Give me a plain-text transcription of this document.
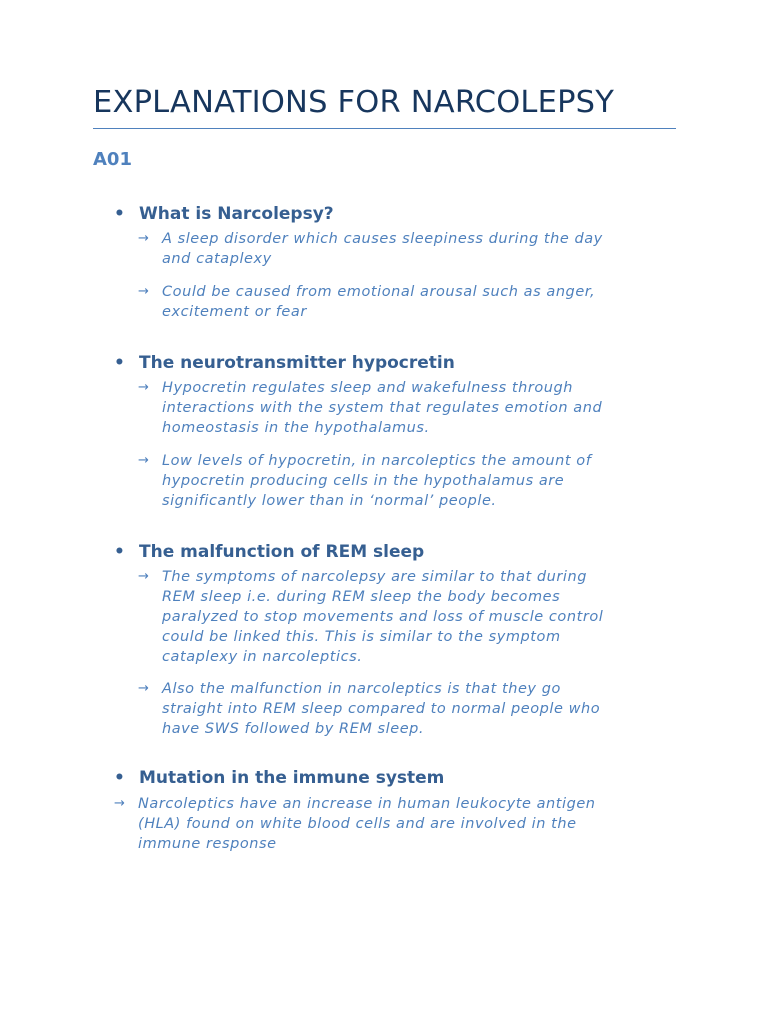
EXPLANATIONS FOR NARCOLEPSY
A01
• What is Narcolepsy?
→ A sleep disorder which causes sleepiness during the day
and cataplexy
→ Could be caused from emotional arousal such as anger,
excitement or fear
• The neurotransmitter hypocretin
→ Hypocretin regulates sleep and wakefulness through
interactions with the system that regulates emotion and
homeostasis in the hypothalamus.
→ Low levels of hypocretin, in narcoleptics the amount of
hypocretin producing cells in the hypothalamus are
significantly lower than in ‘normal’ people.
• The malfunction of REM sleep
→ The symptoms of narcolepsy are similar to that during
REM sleep i.e. during REM sleep the body becomes
paralyzed to stop movements and loss of muscle control
could be linked this. This is similar to the symptom
cataplexy in narcoleptics.
→ Also the malfunction in narcoleptics is that they go
straight into REM sleep compared to normal people who
have SWS followed by REM sleep.
• Mutation in the immune system
→ Narcoleptics have an increase in human leukocyte antigen
(HLA) found on white blood cells and are involved in the
immune response
